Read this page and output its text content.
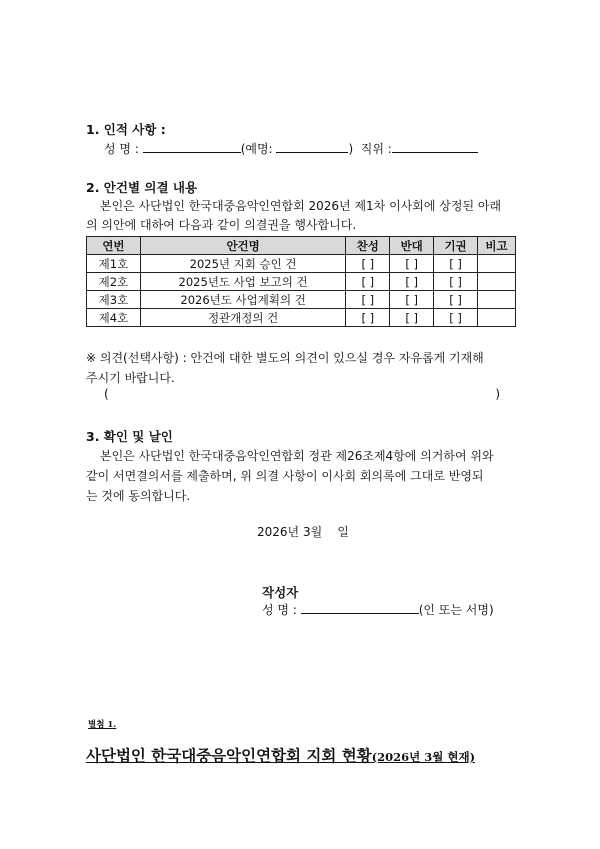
1. 인적 사항 :
성 명 :	(예명:	) 직위 :
2. 안건별 의결 내용
본인은 사단법인 한국대중음악인연합회 2026년 제1차 이사회에 상정된 아래
의 의안에 대하여 다음과 같이 의결권을 행사합니다.
연번	안건명	찬성	반대	기권	비고
제1호	2025년 지회 승인 건	[ ]	[ ]	[ ]	
제2호	2025년도 사업 보고의 건	[ ]	[ ]	[ ]	
제3호	2026년도 사업계획의 건	[ ]	[ ]	[ ]	
제4호	정관개정의 건	[ ]	[ ]	[ ]	
※ 의견(선택사항) : 안건에 대한 별도의 의견이 있으실 경우 자유롭게 기재해
주시기 바랍니다.
(	)
3. 확인 및 날인
본인은 사단법인 한국대중음악인연합회 정관 제26조제4항에 의거하여 위와
같이 서면결의서를 제출하며, 위 의결 사항이 이사회 회의록에 그대로 반영되
는 것에 동의합니다.
2026년 3월    일
작성자
성 명 :	(인 또는 서명)
별첨 1.
사단법인 한국대중음악인연합회 지회 현황(2026년 3월 현재)
